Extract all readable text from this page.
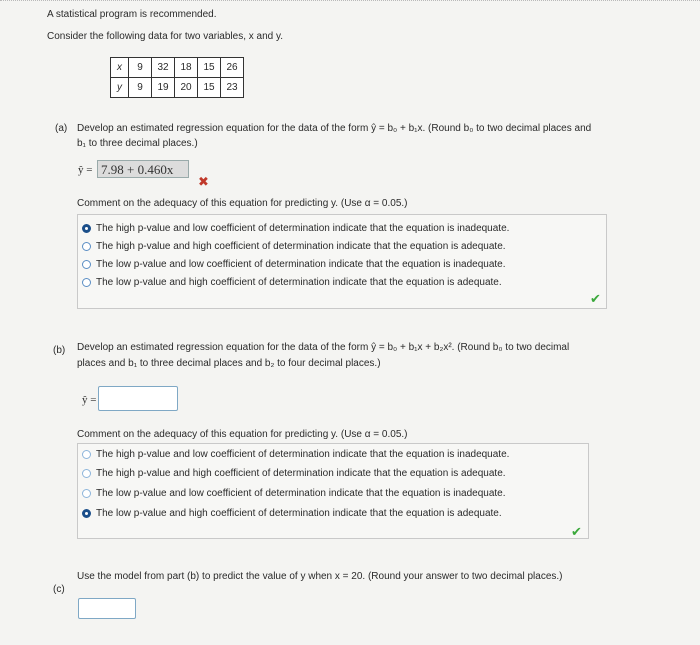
A statistical program is recommended.
Consider the following data for two variables, x and y.
x	9	32	18	15	26
y	9	19	20	15	23
(a) Develop an estimated regression equation for the data of the form ŷ = b₀ + b₁x. (Round b₀ to two decimal places and
b₁ to three decimal places.)
ŷ = 7.98 + 0.460x
✖
Comment on the adequacy of this equation for predicting y. (Use α = 0.05.)
The high p-value and low coefficient of determination indicate that the equation is inadequate.
The high p-value and high coefficient of determination indicate that the equation is adequate.
The low p-value and low coefficient of determination indicate that the equation is inadequate.
The low p-value and high coefficient of determination indicate that the equation is adequate.
✔
(b) Develop an estimated regression equation for the data of the form ŷ = b₀ + b₁x + b₂x². (Round b₀ to two decimal
places and b₁ to three decimal places and b₂ to four decimal places.)
ŷ =
Comment on the adequacy of this equation for predicting y. (Use α = 0.05.)
The high p-value and low coefficient of determination indicate that the equation is inadequate.
The high p-value and high coefficient of determination indicate that the equation is adequate.
The low p-value and low coefficient of determination indicate that the equation is inadequate.
The low p-value and high coefficient of determination indicate that the equation is adequate.
✔
(c)
Use the model from part (b) to predict the value of y when x = 20. (Round your answer to two decimal places.)
